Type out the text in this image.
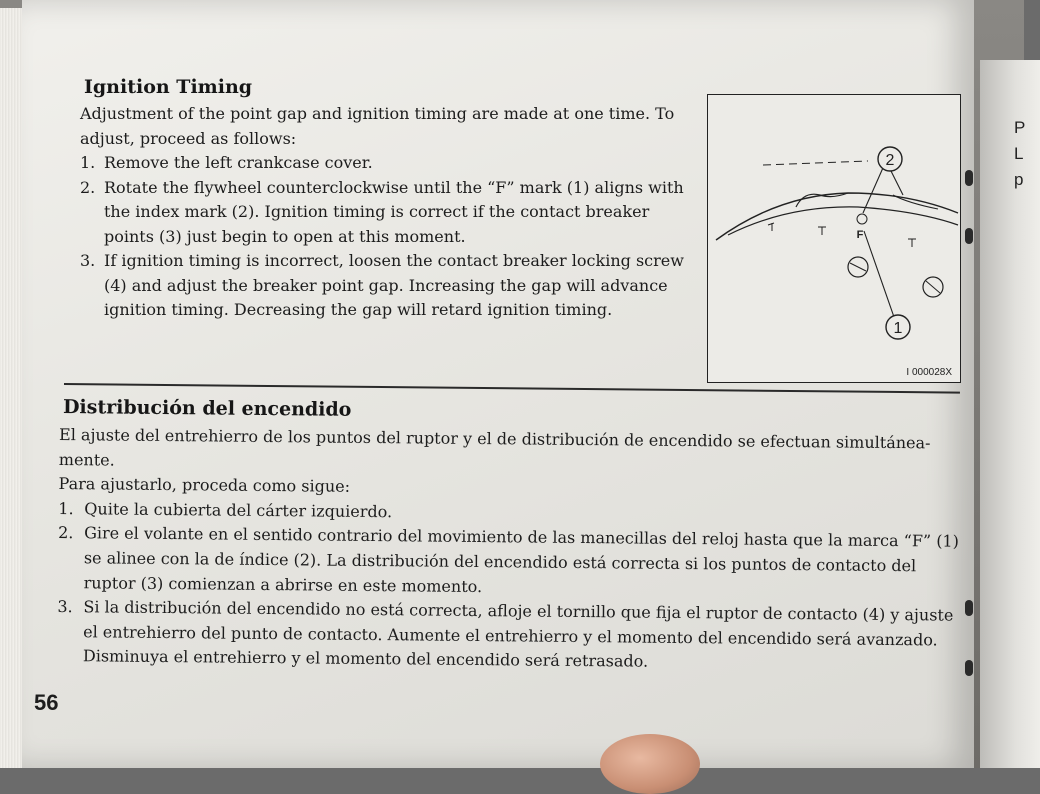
P
L
p
Ignition Timing

Adjustment of the point gap and ignition timing are made at one time. To adjust, proceed as follows:

1. Remove the left crankcase cover.

2. Rotate the flywheel counterclockwise until the “F” mark (1) aligns with the index mark (2). Ignition timing is correct if the contact breaker points (3) just begin to open at this moment.

3. If ignition timing is incorrect, loosen the contact breaker locking screw (4) and adjust the breaker point gap. Increasing the gap will advance ignition timing. Decreasing the gap will retard ignition timing.

2
1
F
I 000028X
Distribución del encendido

El ajuste del entrehierro de los puntos del ruptor y el de distribución de encendido se efectuan simultánea-mente.

Para ajustarlo, proceda como sigue:

1. Quite la cubierta del cárter izquierdo.

2. Gire el volante en el sentido contrario del movimiento de las manecillas del reloj hasta que la marca “F” (1) se alinee con la de índice (2). La distribución del encendido está correcta si los puntos de contacto del ruptor (3) comienzan a abrirse en este momento.

3. Si la distribución del encendido no está correcta, afloje el tornillo que fija el ruptor de contacto (4) y ajuste el entrehierro del punto de contacto. Aumente el entrehierro y el momento del encendido será avanzado. Disminuya el entrehierro y el momento del encendido será retrasado.

56
